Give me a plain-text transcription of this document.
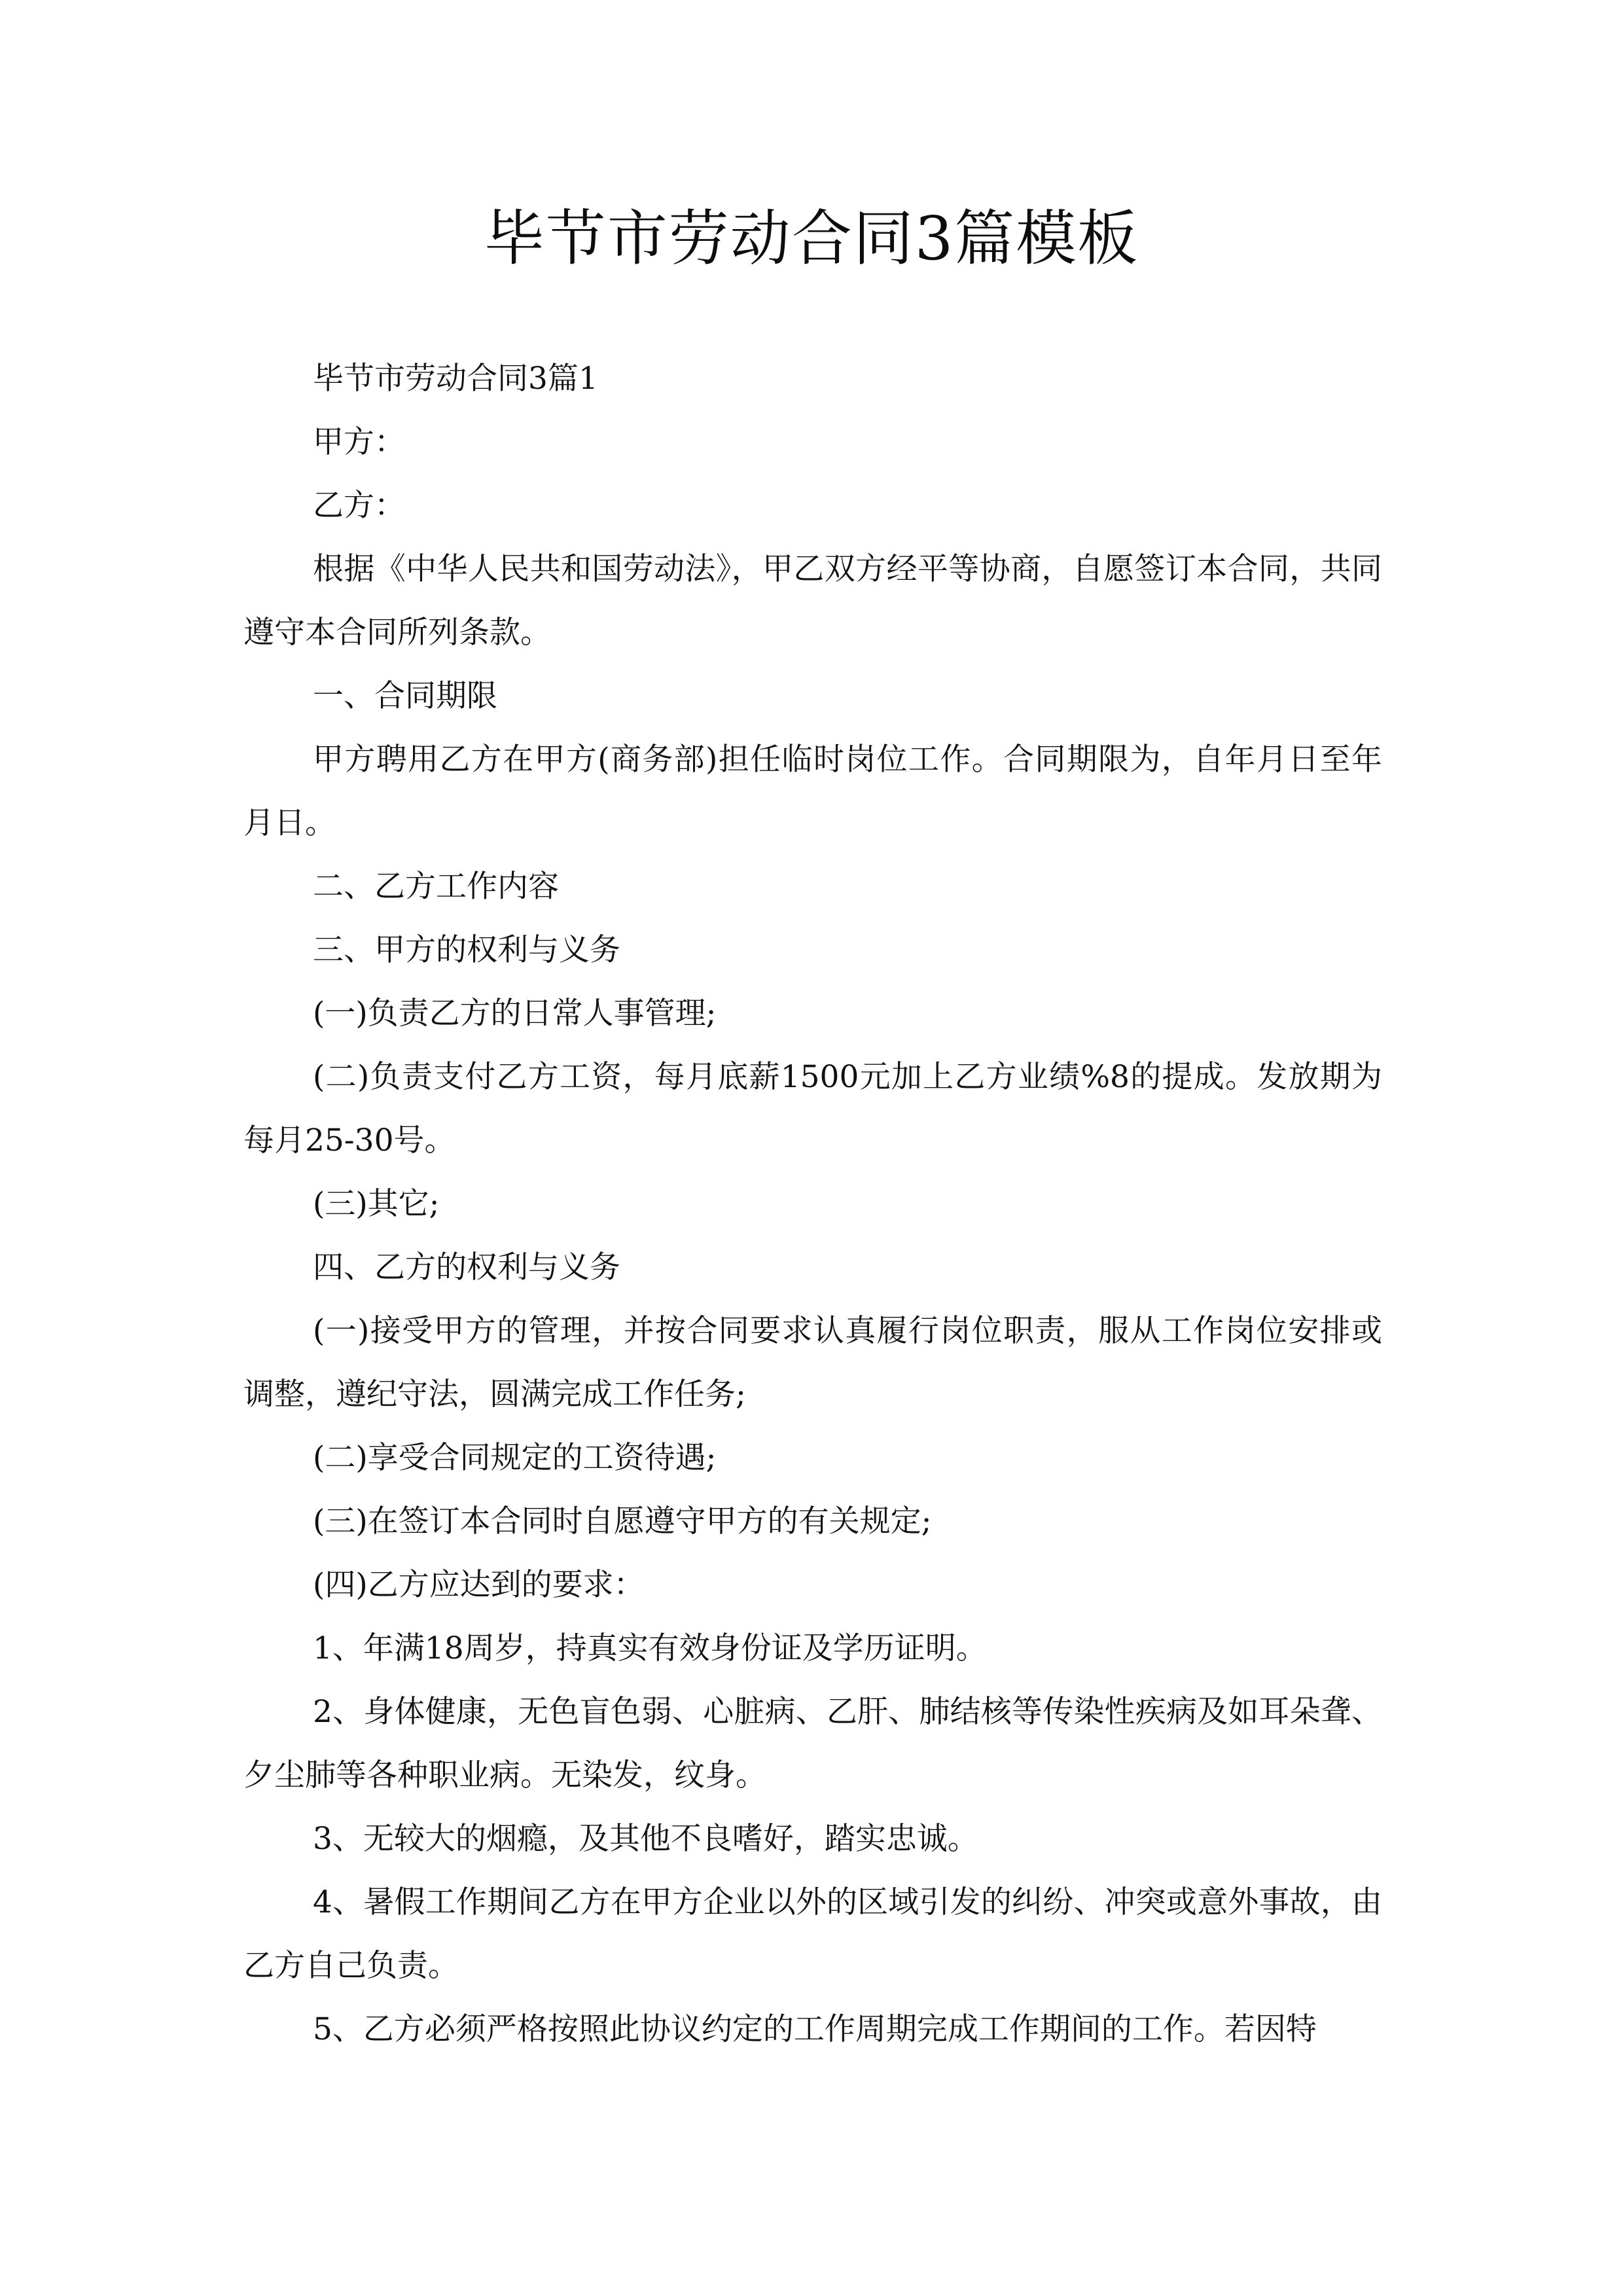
毕节市劳动合同3篇模板

毕节市劳动合同3篇1

甲方：

乙方：

根据《中华人民共和国劳动法》，甲乙双方经平等协商，自愿签订本合同，共同遵守本合同所列条款。

一、合同期限

甲方聘用乙方在甲方(商务部)担任临时岗位工作。合同期限为，自年月日至年月日。

二、乙方工作内容

三、甲方的权利与义务

(一)负责乙方的日常人事管理;

(二)负责支付乙方工资，每月底薪1500元加上乙方业绩%8的提成。发放期为每月25-30号。

(三)其它;

四、乙方的权利与义务

(一)接受甲方的管理，并按合同要求认真履行岗位职责，服从工作岗位安排或调整，遵纪守法，圆满完成工作任务;

(二)享受合同规定的工资待遇;

(三)在签订本合同时自愿遵守甲方的有关规定;

(四)乙方应达到的要求：

1、年满18周岁，持真实有效身份证及学历证明。

2、身体健康，无色盲色弱、心脏病、乙肝、肺结核等传染性疾病及如耳朵聋、夕尘肺等各种职业病。无染发，纹身。

3、无较大的烟瘾，及其他不良嗜好，踏实忠诚。

4、暑假工作期间乙方在甲方企业以外的区域引发的纠纷、冲突或意外事故，由乙方自己负责。

5、乙方必须严格按照此协议约定的工作周期完成工作期间的工作。若因特
